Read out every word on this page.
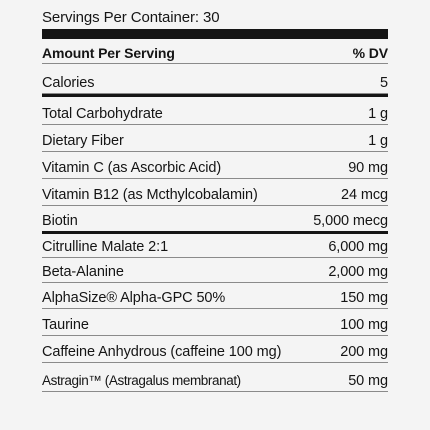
Servings Per Container: 30
Amount Per Serving	% DV
Calories	5
Total Carbohydrate	1 g
Dietary Fiber	1 g
Vitamin C (as Ascorbic Acid)	90 mg
Vitamin B12 (as Mcthylcobalamin)	24 mcg
Biotin	5,000 mecg
Citrulline Malate 2:1	6,000 mg
Beta-Alanine	2,000 mg
AlphaSize® Alpha-GPC 50%	150 mg
Taurine	100 mg
Caffeine Anhydrous (caffeine 100 mg)	200 mg
Astragin™ (Astragalus membranat)	50 mg
